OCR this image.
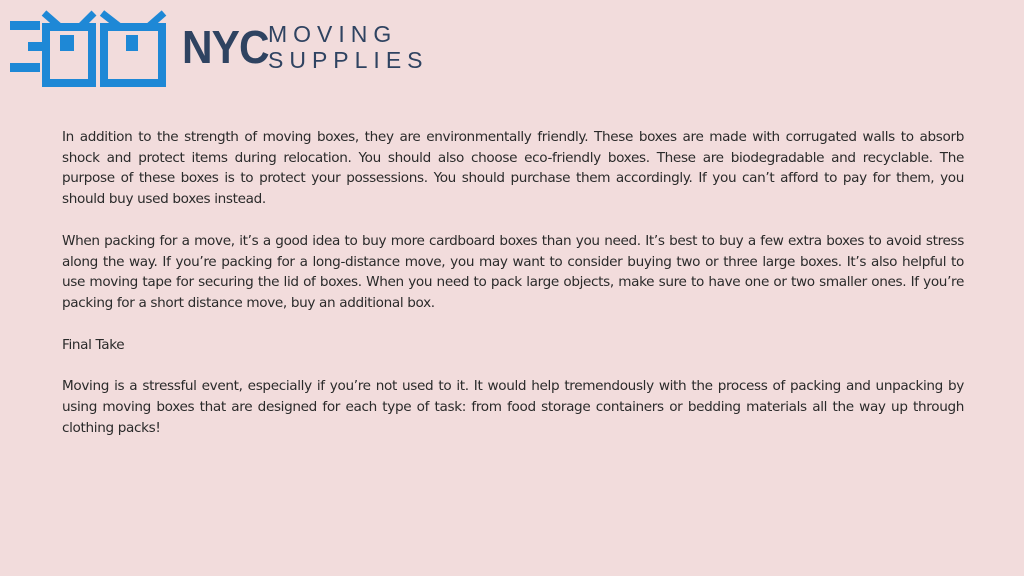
NYC MOVING
SUPPLIES

In addition to the strength of moving boxes, they are environmentally friendly. These boxes are made with corrugated walls to absorb shock and protect items during relocation. You should also choose eco-friendly boxes. These are biodegradable and recyclable. The purpose of these boxes is to protect your possessions. You should purchase them accordingly. If you can’t afford to pay for them, you should buy used boxes instead.

When packing for a move, it’s a good idea to buy more cardboard boxes than you need. It’s best to buy a few extra boxes to avoid stress along the way. If you’re packing for a long-distance move, you may want to consider buying two or three large boxes. It’s also helpful to use moving tape for securing the lid of boxes. When you need to pack large objects, make sure to have one or two smaller ones. If you’re packing for a short distance move, buy an additional box.

Final Take

Moving is a stressful event, especially if you’re not used to it. It would help tremendously with the process of packing and unpacking by using moving boxes that are designed for each type of task: from food storage containers or bedding materials all the way up through clothing packs!
